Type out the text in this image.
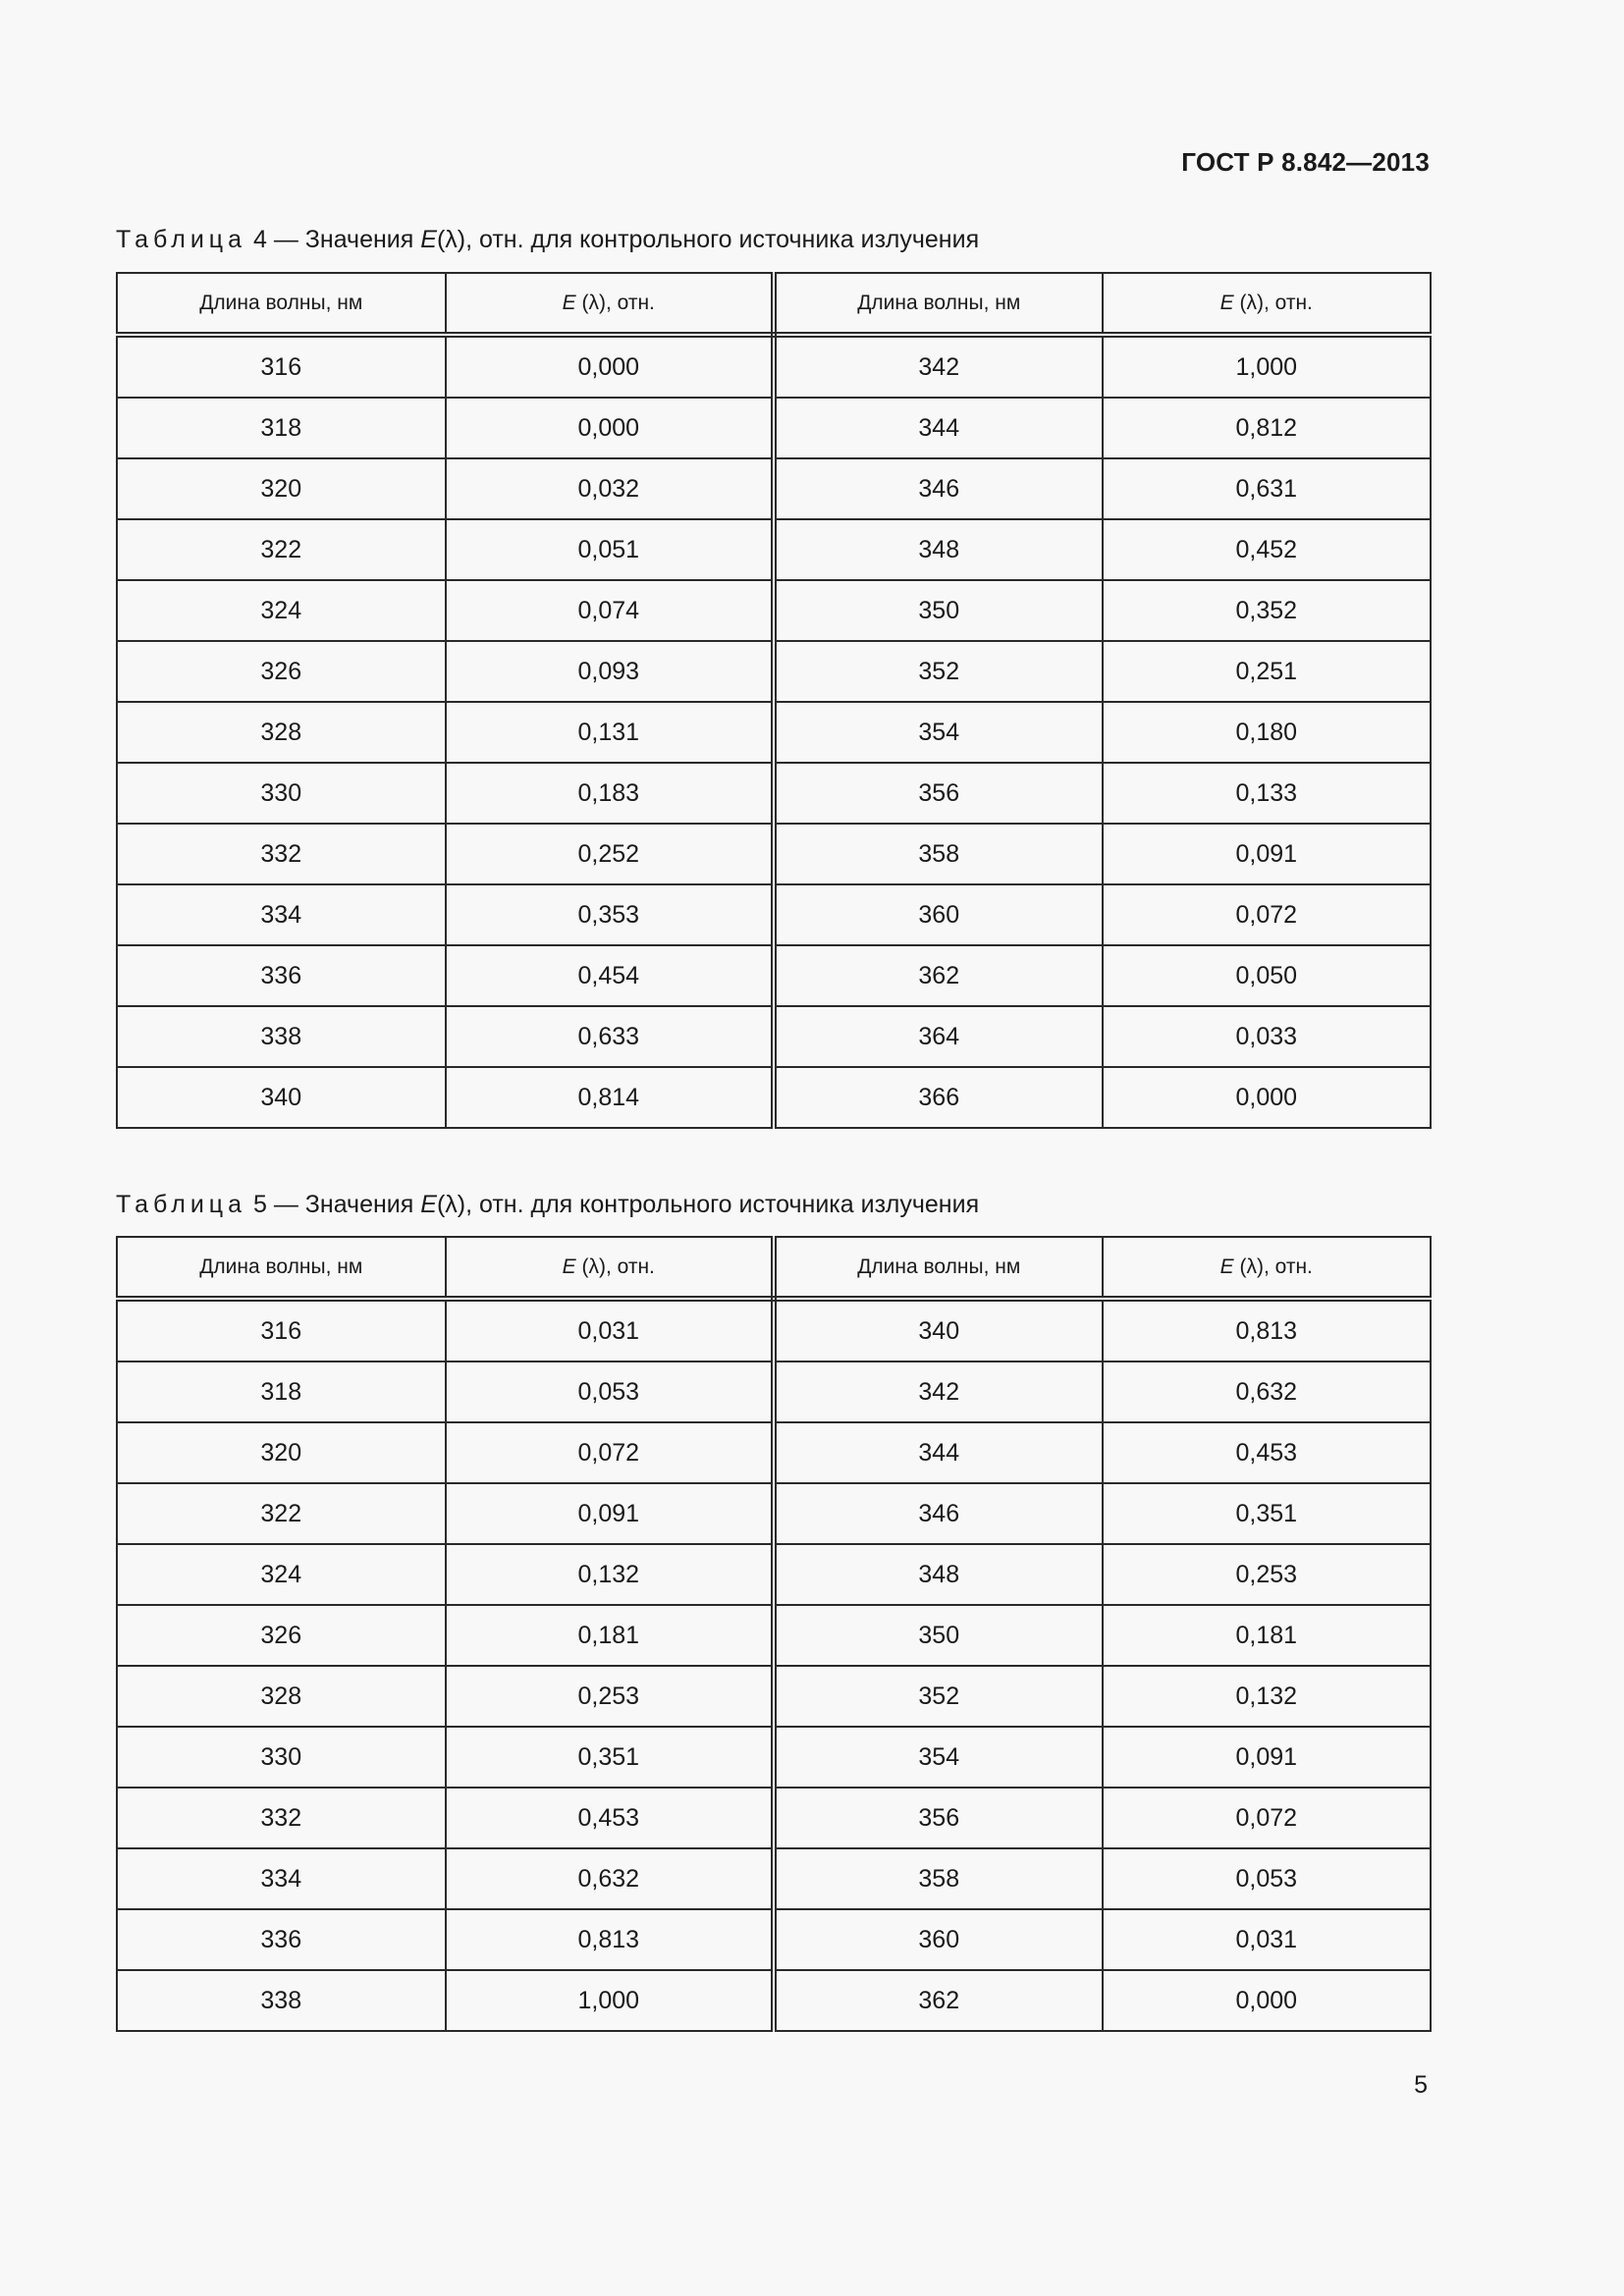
ГОСТ Р 8.842—2013
Таблица 4 — Значения E(λ), отн. для контрольного источника излучения
Длина волны, нм	E (λ), отн.	Длина волны, нм	E (λ), отн.
316	0,000	342	1,000
318	0,000	344	0,812
320	0,032	346	0,631
322	0,051	348	0,452
324	0,074	350	0,352
326	0,093	352	0,251
328	0,131	354	0,180
330	0,183	356	0,133
332	0,252	358	0,091
334	0,353	360	0,072
336	0,454	362	0,050
338	0,633	364	0,033
340	0,814	366	0,000
Таблица 5 — Значения E(λ), отн. для контрольного источника излучения
Длина волны, нм	E (λ), отн.	Длина волны, нм	E (λ), отн.
316	0,031	340	0,813
318	0,053	342	0,632
320	0,072	344	0,453
322	0,091	346	0,351
324	0,132	348	0,253
326	0,181	350	0,181
328	0,253	352	0,132
330	0,351	354	0,091
332	0,453	356	0,072
334	0,632	358	0,053
336	0,813	360	0,031
338	1,000	362	0,000
5
